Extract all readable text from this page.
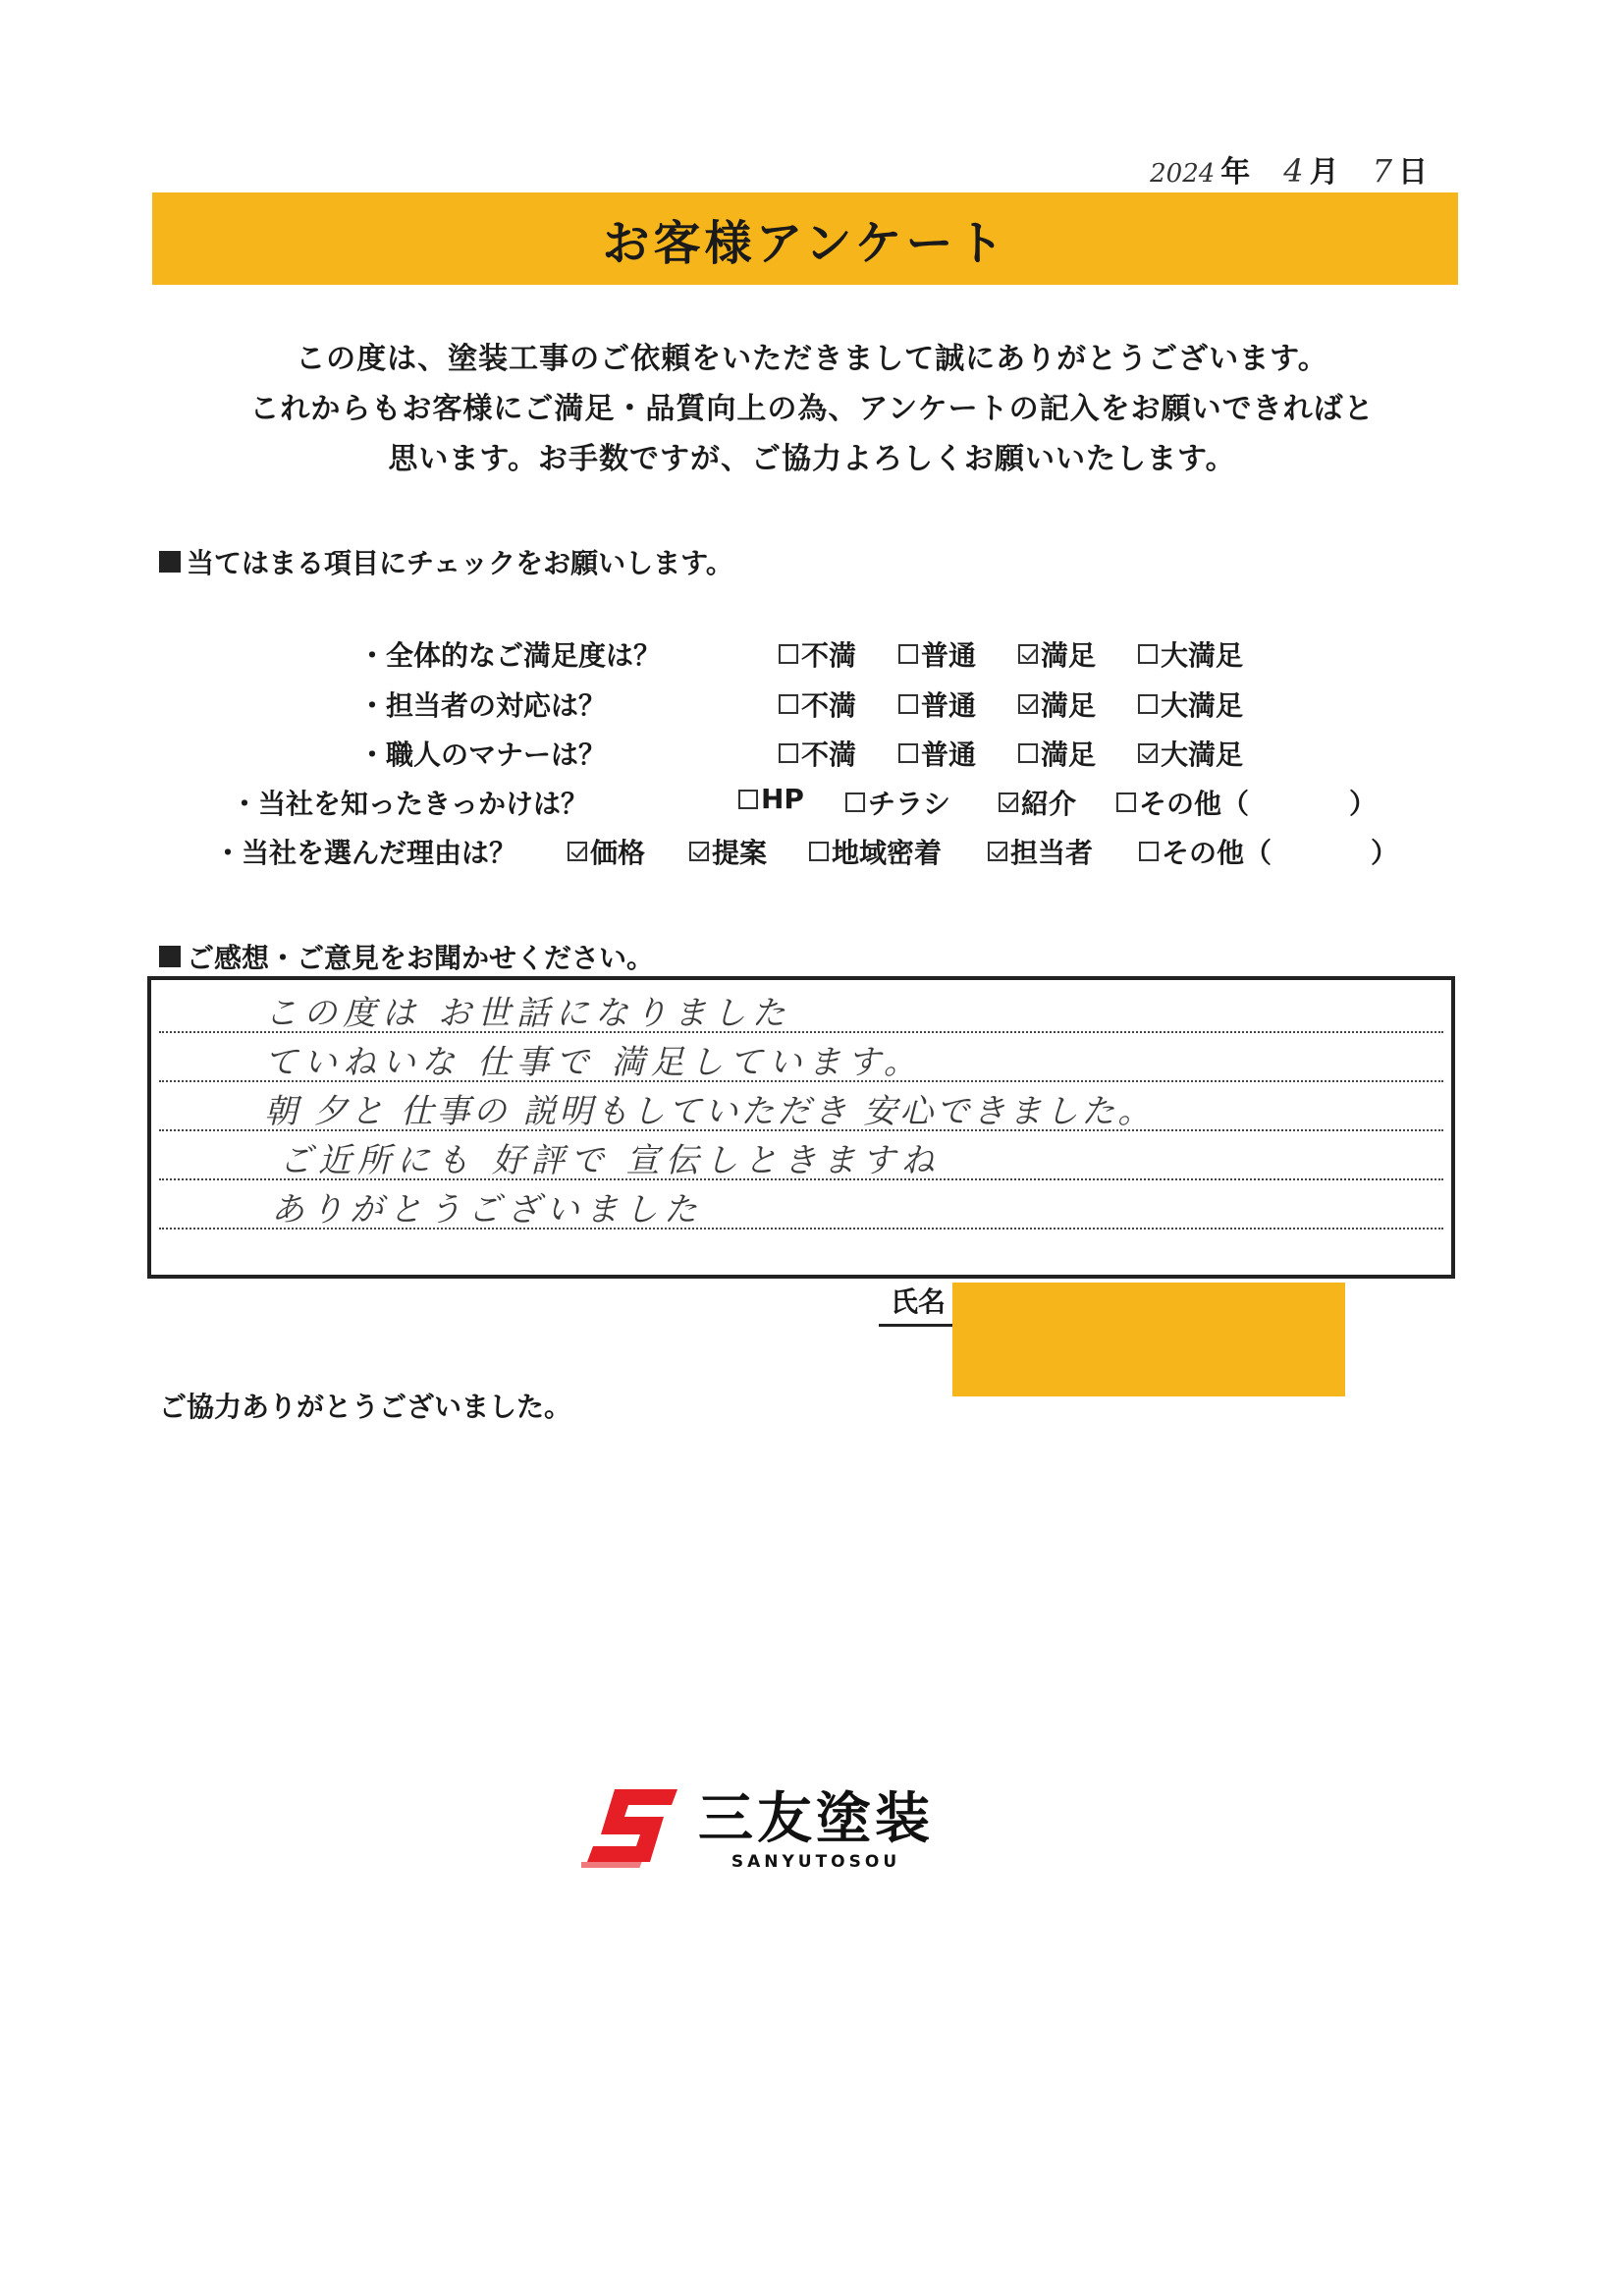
2024 年 4 月 7 日
お客様アンケート

この度は、塗装工事のご依頼をいただきまして誠にありがとうございます。

これからもお客様にご満足・品質向上の為、アンケートの記入をお願いできればと

思います。お手数ですが、ご協力よろしくお願いいたします。

当てはまる項目にチェックをお願いします。
・全体的なご満足度は？	不満 普通 満足 大満足
・担当者の対応は？	不満 普通 満足 大満足
・職人のマナーは？	不満 普通 満足 大満足
・当社を知ったきっかけは？	HP チラシ	紹介 その他（	）
・当社を選んだ理由は？	価格 提案 地域密着 担当者 その他（	）
ご感想・ご意見をお聞かせください。
この度は お世話になりました
ていねいな 仕事で 満足しています。
朝 夕と 仕事の 説明もしていただき 安心できました。
ご近所にも 好評で 宣伝しときますね
ありがとうございました
氏名
ご協力ありがとうございました。
三友塗装
SANYUTOSOU
